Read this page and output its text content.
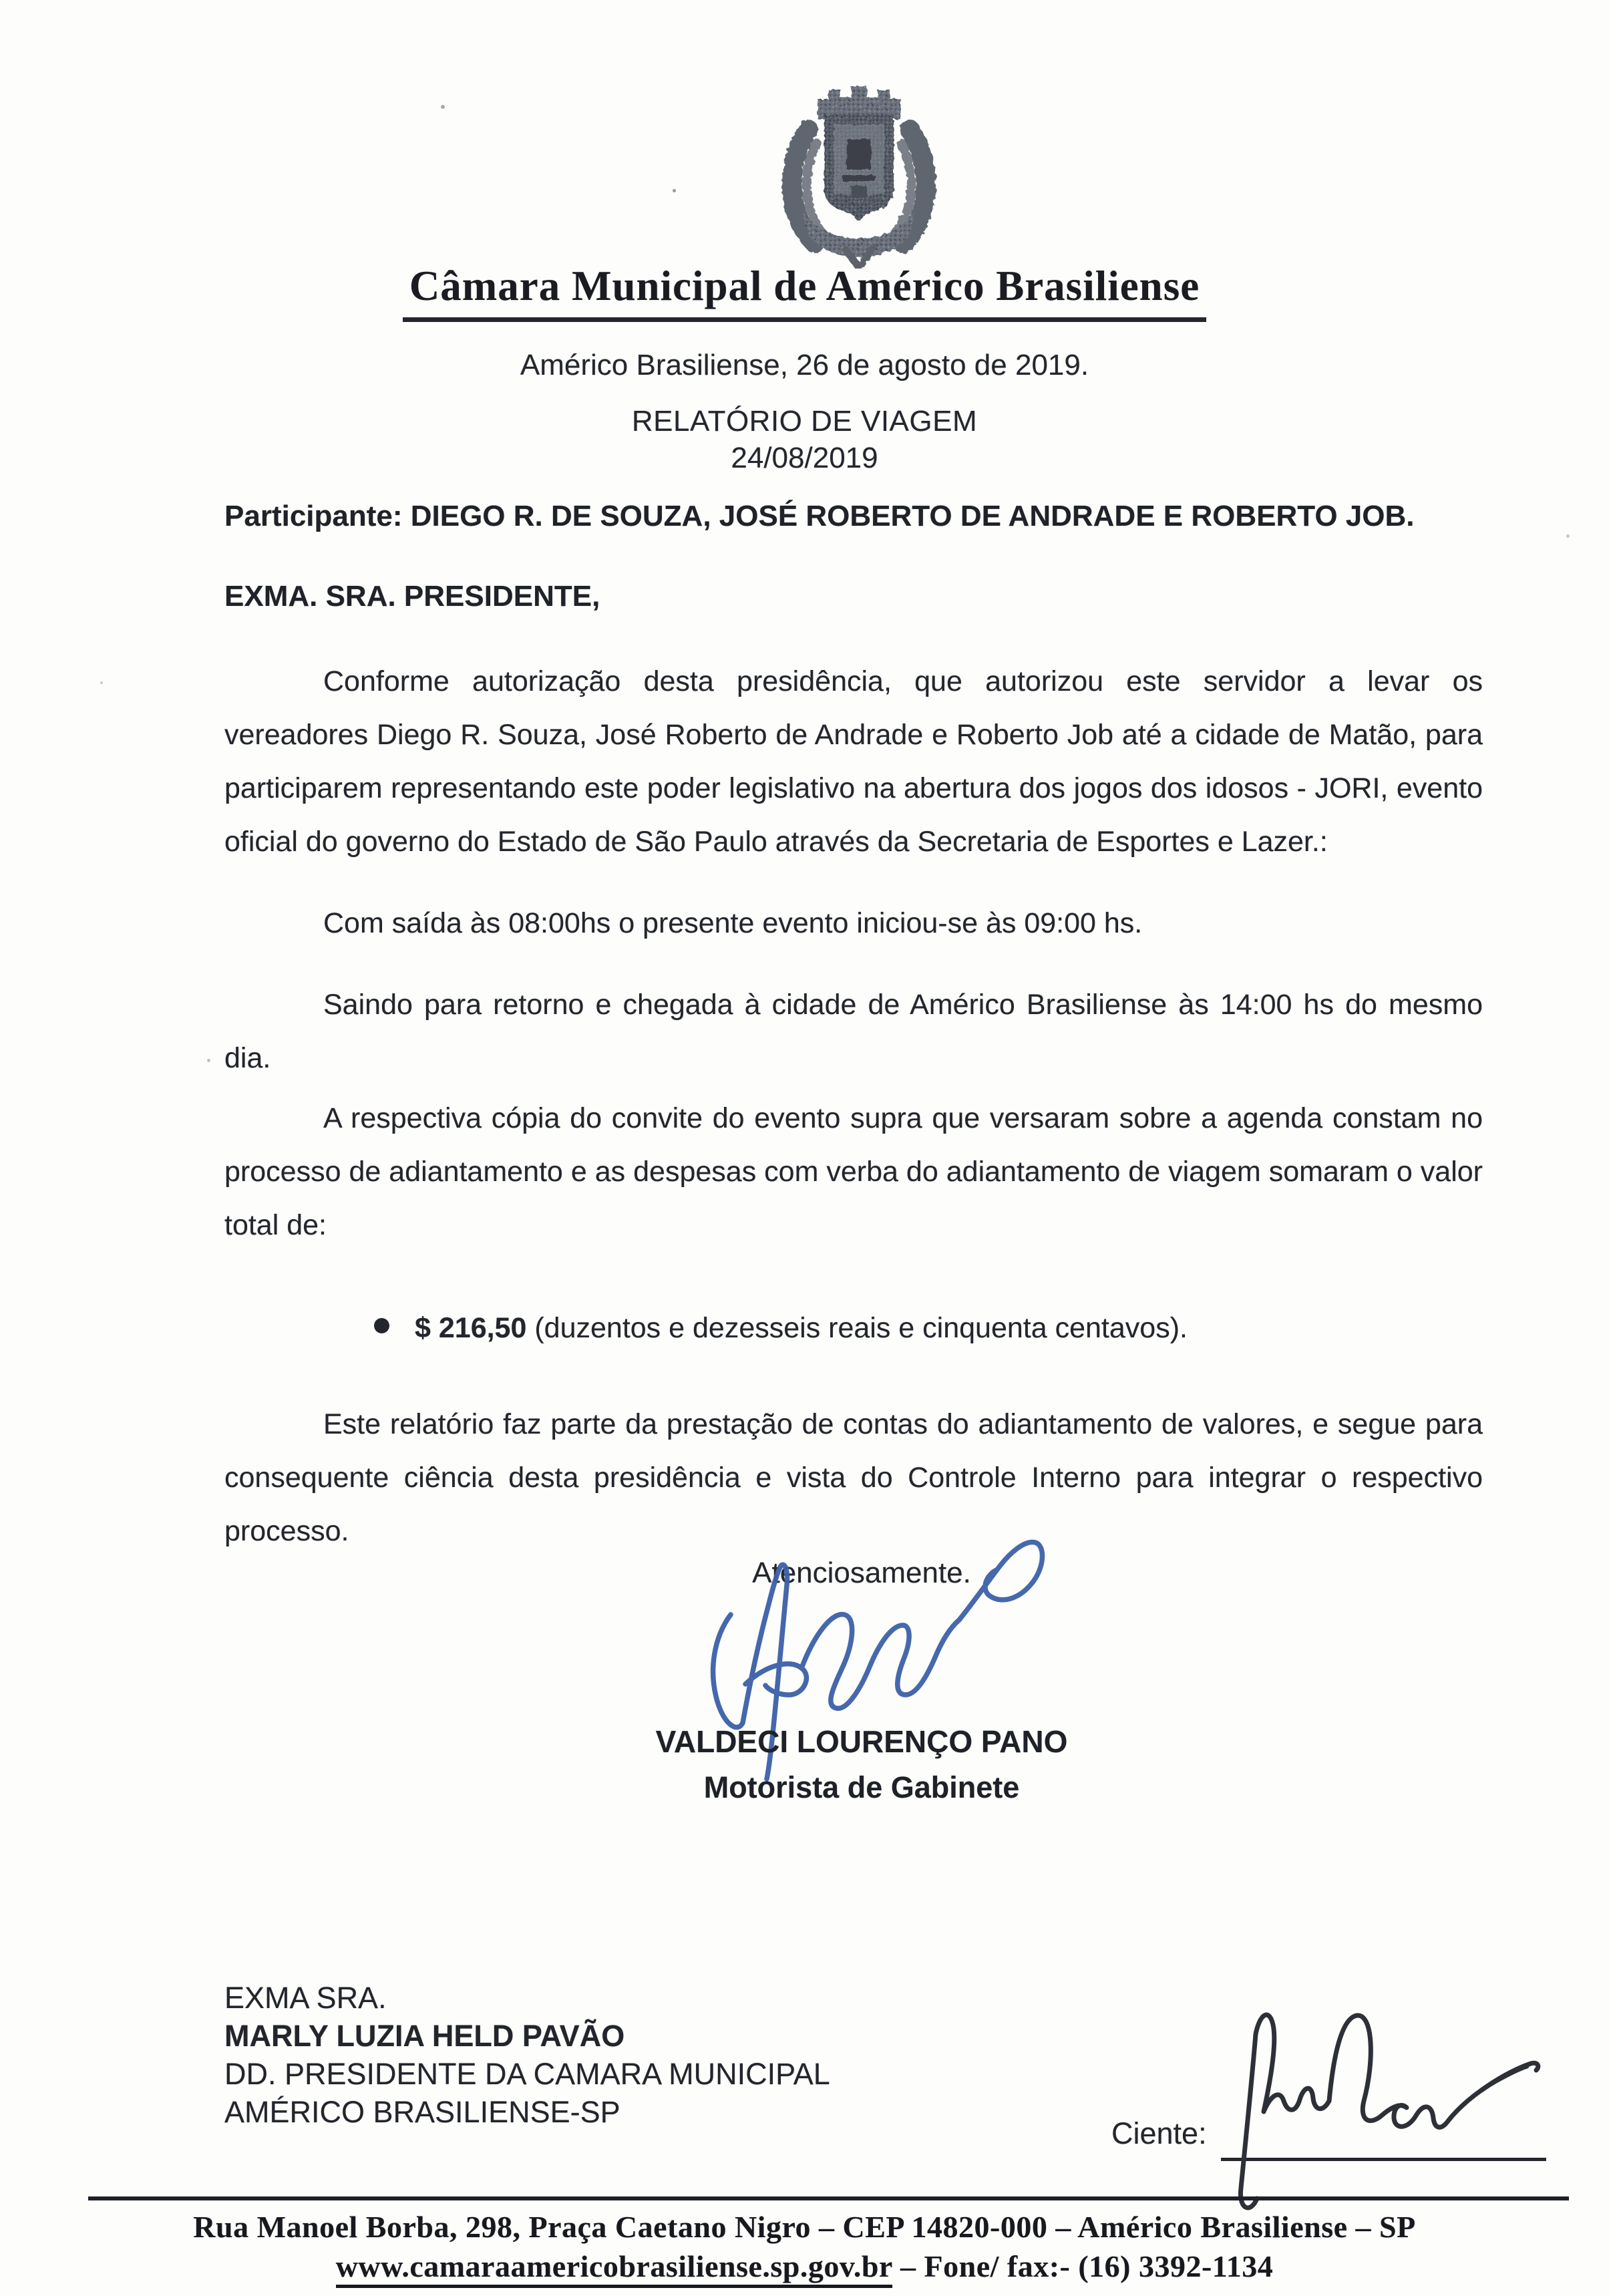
Câmara Municipal de Américo Brasiliense
Américo Brasiliense, 26 de agosto de 2019.
RELATÓRIO DE VIAGEM
24/08/2019
Participante: DIEGO R. DE SOUZA, JOSÉ ROBERTO DE ANDRADE E ROBERTO JOB.
EXMA. SRA. PRESIDENTE,

Conforme autorização desta presidência, que autorizou este servidor a levar os vereadores Diego R. Souza, José Roberto de Andrade e Roberto Job até a cidade de Matão, para participarem representando este poder legislativo na abertura dos jogos dos idosos - JORI, evento oficial do governo do Estado de São Paulo através da Secretaria de Esportes e Lazer.:

Com saída às 08:00hs o presente evento iniciou-se às 09:00 hs.

Saindo para retorno e chegada à cidade de Américo Brasiliense às 14:00 hs do mesmo dia.

A respectiva cópia do convite do evento supra que versaram sobre a agenda constam no processo de adiantamento e as despesas com verba do adiantamento de viagem somaram o valor total de:

$ 216,50 (duzentos e dezesseis reais e cinquenta centavos).

Este relatório faz parte da prestação de contas do adiantamento de valores, e segue para consequente ciência desta presidência e vista do Controle Interno para integrar o respectivo processo.

Atenciosamente.
VALDECI LOURENÇO PANO
Motorista de Gabinete
EXMA SRA.
MARLY LUZIA HELD PAVÃO
DD. PRESIDENTE DA CAMARA MUNICIPAL
AMÉRICO BRASILIENSE-SP
Ciente:
Rua Manoel Borba, 298, Praça Caetano Nigro – CEP 14820-000 – Américo Brasiliense – SP
www.camaraamericobrasiliense.sp.gov.br – Fone/ fax:- (16) 3392-1134
